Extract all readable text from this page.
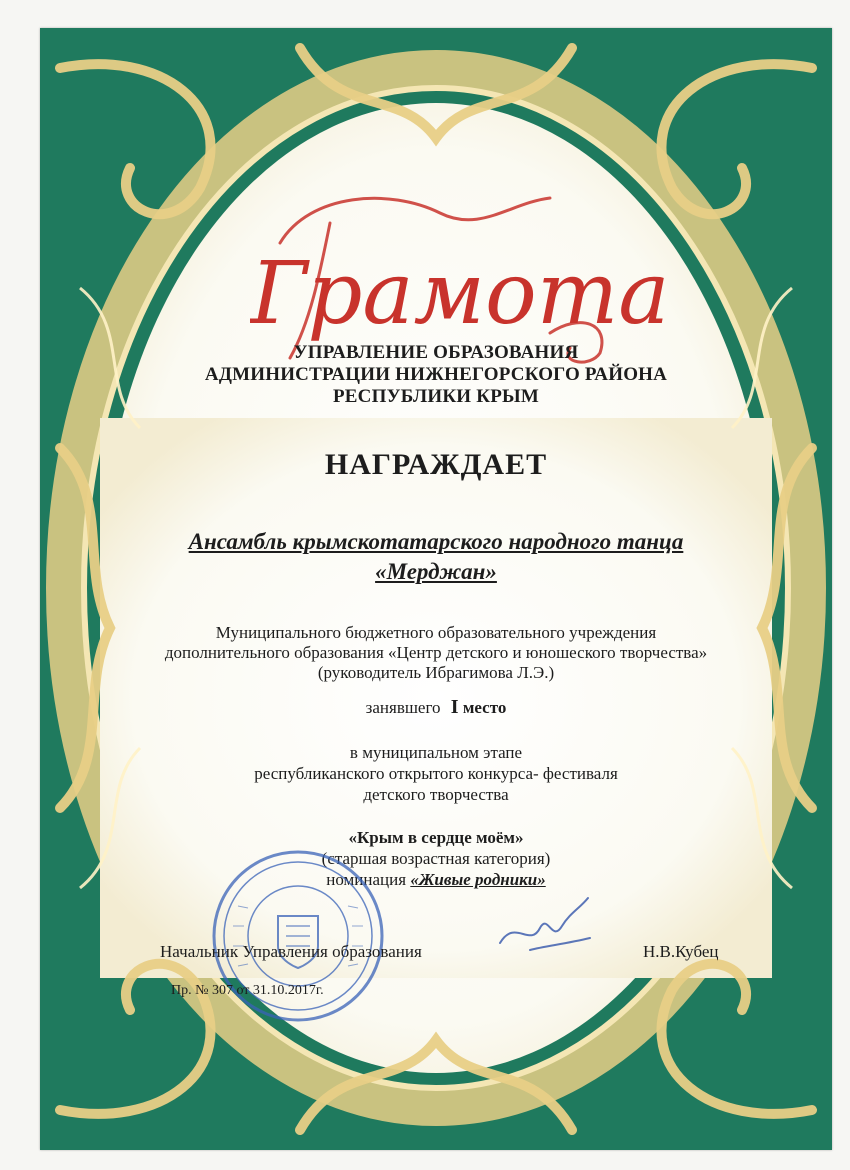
Грамота
УПРАВЛЕНИЕ ОБРАЗОВАНИЯ
АДМИНИСТРАЦИИ НИЖНЕГОРСКОГО РАЙОНА
РЕСПУБЛИКИ КРЫМ
НАГРАЖДАЕТ
Ансамбль крымскотатарского народного танца
«Мерджан»
Муниципального бюджетного образовательного учреждения
дополнительного образования «Центр детского и юношеского творчества»
(руководитель Ибрагимова Л.Э.)
занявшего I место
в муниципальном этапе
республиканского открытого конкурса- фестиваля
детского творчества
«Крым в сердце моём»
(старшая возрастная категория)
номинация «Живые родники»
Начальник Управления образования	Н.В.Кубец
Пр. № 307 от 31.10.2017г.
